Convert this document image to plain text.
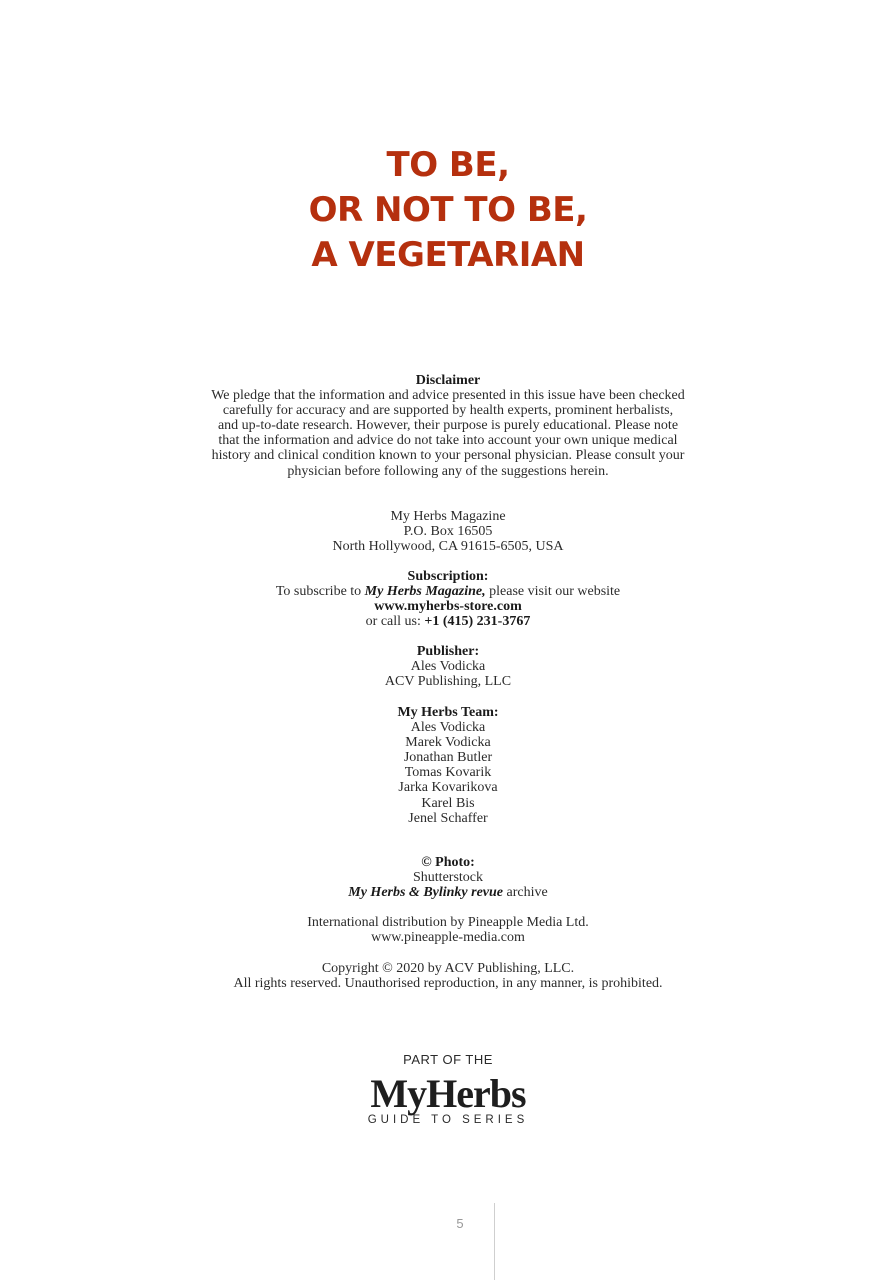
TO BE,
OR NOT TO BE,
A VEGETARIAN
Disclaimer
We pledge that the information and advice presented in this issue have been checked
carefully for accuracy and are supported by health experts, prominent herbalists,
and up-to-date research. However, their purpose is purely educational. Please note
that the information and advice do not take into account your own unique medical
history and clinical condition known to your personal physician. Please consult your
physician before following any of the suggestions herein.
My Herbs Magazine
P.O. Box 16505
North Hollywood, CA 91615-6505, USA
Subscription:
To subscribe to My Herbs Magazine, please visit our website
www.myherbs-store.com
or call us: +1 (415) 231-3767
Publisher:
Ales Vodicka
ACV Publishing, LLC
My Herbs Team:
Ales Vodicka
Marek Vodicka
Jonathan Butler
Tomas Kovarik
Jarka Kovarikova
Karel Bis
Jenel Schaffer
© Photo:
Shutterstock
My Herbs & Bylinky revue archive
International distribution by Pineapple Media Ltd.
www.pineapple-media.com
Copyright © 2020 by ACV Publishing, LLC.
All rights reserved. Unauthorised reproduction, in any manner, is prohibited.
PART OF THE
MyHerbs
GUIDE TO SERIES
5
